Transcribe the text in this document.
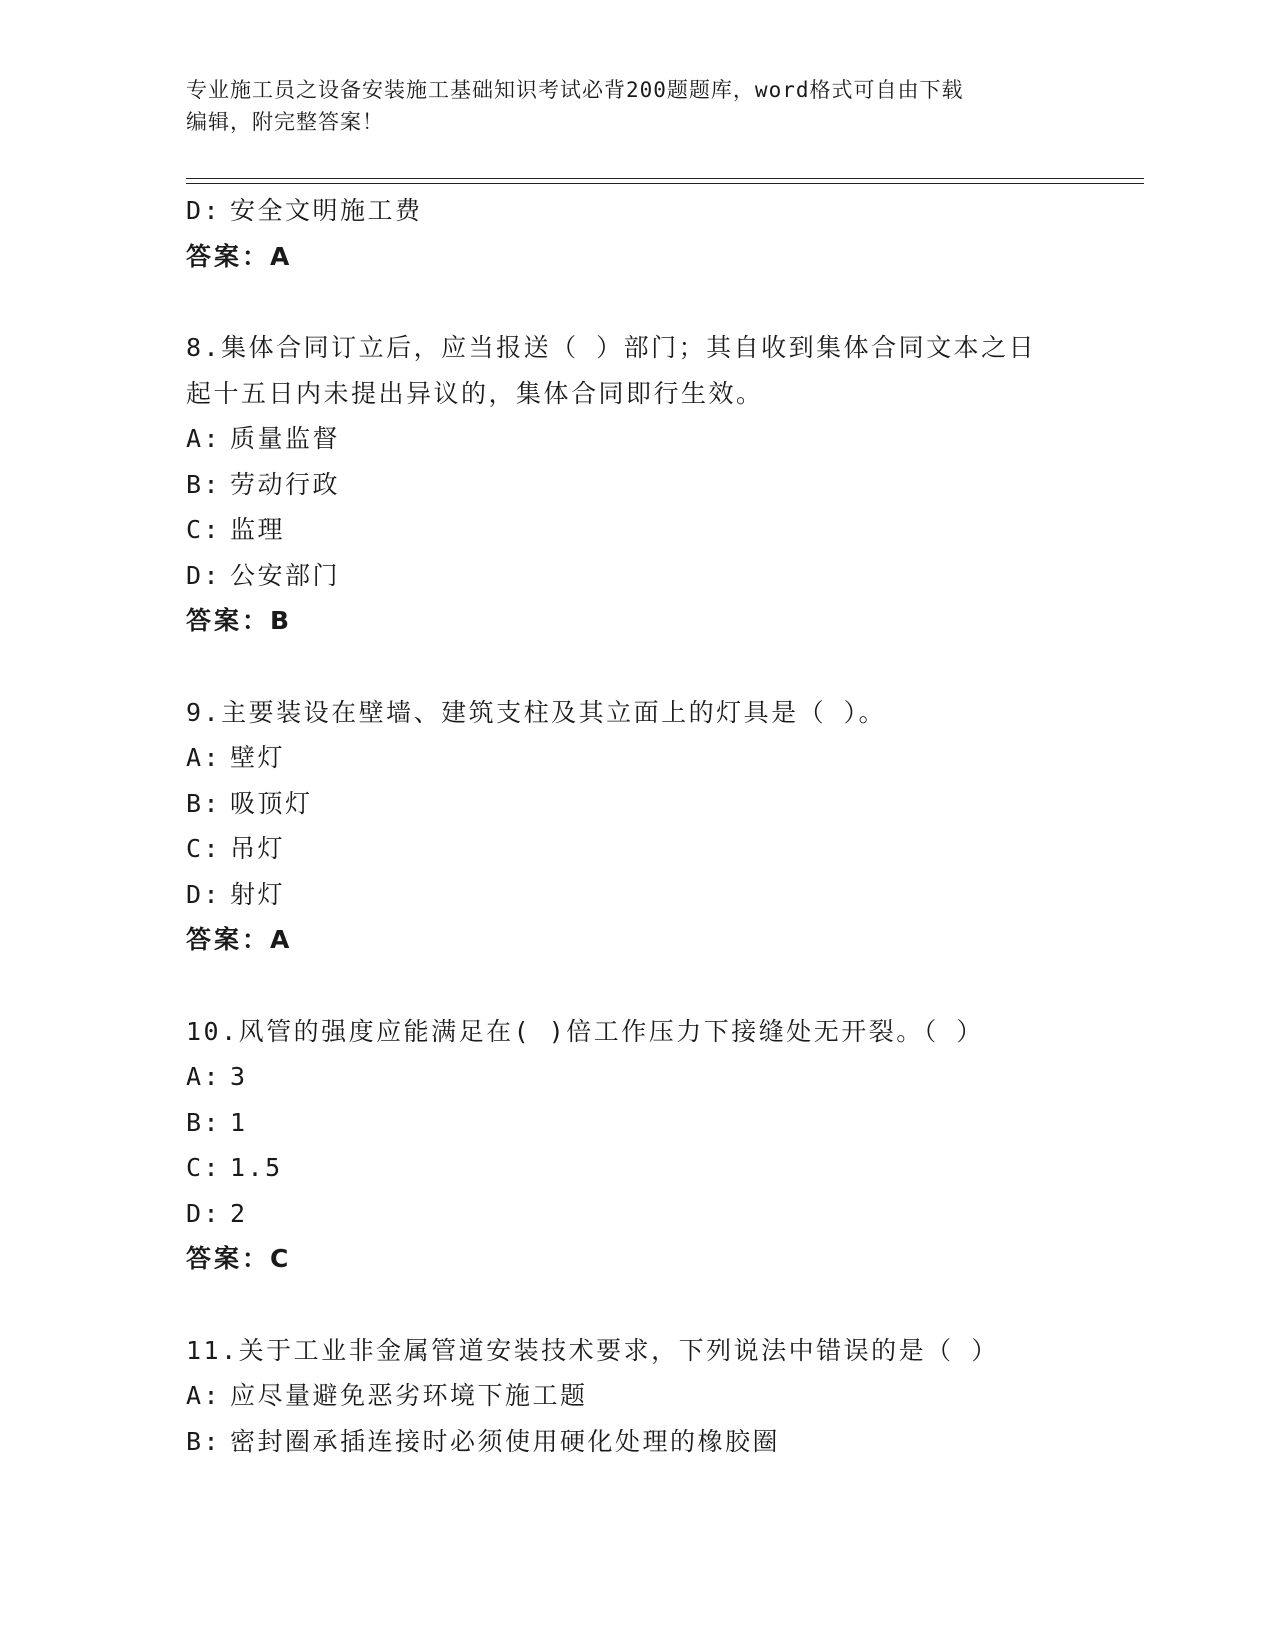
专业施工员之设备安装施工基础知识考试必背200题题库，word格式可自由下载
编辑，附完整答案！
D: 安全文明施工费
答案：A
8.集体合同订立后，应当报送（ ）部门；其自收到集体合同文本之日
起十五日内未提出异议的，集体合同即行生效。
A: 质量监督
B: 劳动行政
C: 监理
D: 公安部门
答案：B
9.主要装设在壁墙、建筑支柱及其立面上的灯具是（ ）。
A: 壁灯
B: 吸顶灯
C: 吊灯
D: 射灯
答案：A
10.风管的强度应能满足在( )倍工作压力下接缝处无开裂。（ ）
A: 3
B: 1
C: 1.5
D: 2
答案：C
11.关于工业非金属管道安装技术要求，下列说法中错误的是（ ）
A: 应尽量避免恶劣环境下施工题
B: 密封圈承插连接时必须使用硬化处理的橡胶圈
